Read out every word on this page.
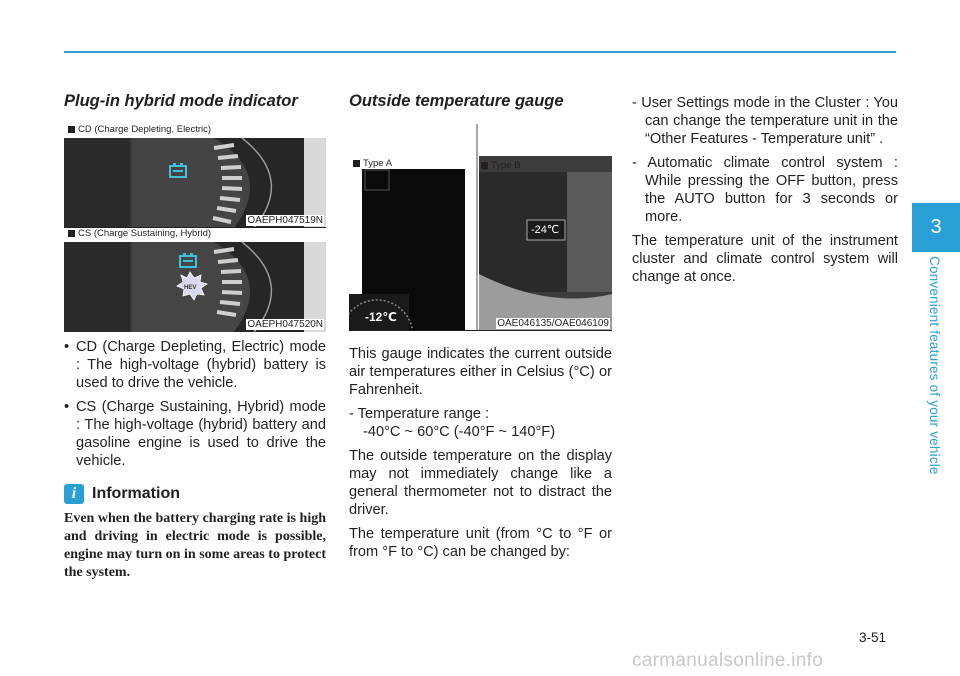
Plug-in hybrid mode indicator
CD (Charge Depleting, Electric)
OAEPH047519N
CS (Charge Sustaining, Hybrid)
HEV
OAEPH047520N
• CD (Charge Depleting, Electric) mode : The high-voltage (hybrid) battery is used to drive the vehicle.
• CS (Charge Sustaining, Hybrid) mode : The high-voltage (hybrid) battery and gasoline engine is used to drive the vehicle.
i Information

Even when the battery charging rate is high and driving in electric mode is possible, engine may turn on in some areas to protect the system.

Outside temperature gauge
Type A	Type B
-12℃
-24℃
OAE046135/OAE046109

This gauge indicates the current outside air temperatures either in Celsius (°C) or Fahrenheit.

- Temperature range :

-40°C ~ 60°C (-40°F ~ 140°F)

The outside temperature on the display may not immediately change like a general thermometer not to distract the driver.

The temperature unit (from °C to °F or from °F to °C) can be changed by:

- User Settings mode in the Cluster : You can change the temperature unit in the “Other Features - Temperature unit” .

- Automatic climate control system : While pressing the OFF button, press the AUTO button for 3 seconds or more.

The temperature unit of the instrument cluster and climate control system will change at once.

3
Convenient features of your vehicle
3-51
carmanualsonline.info
